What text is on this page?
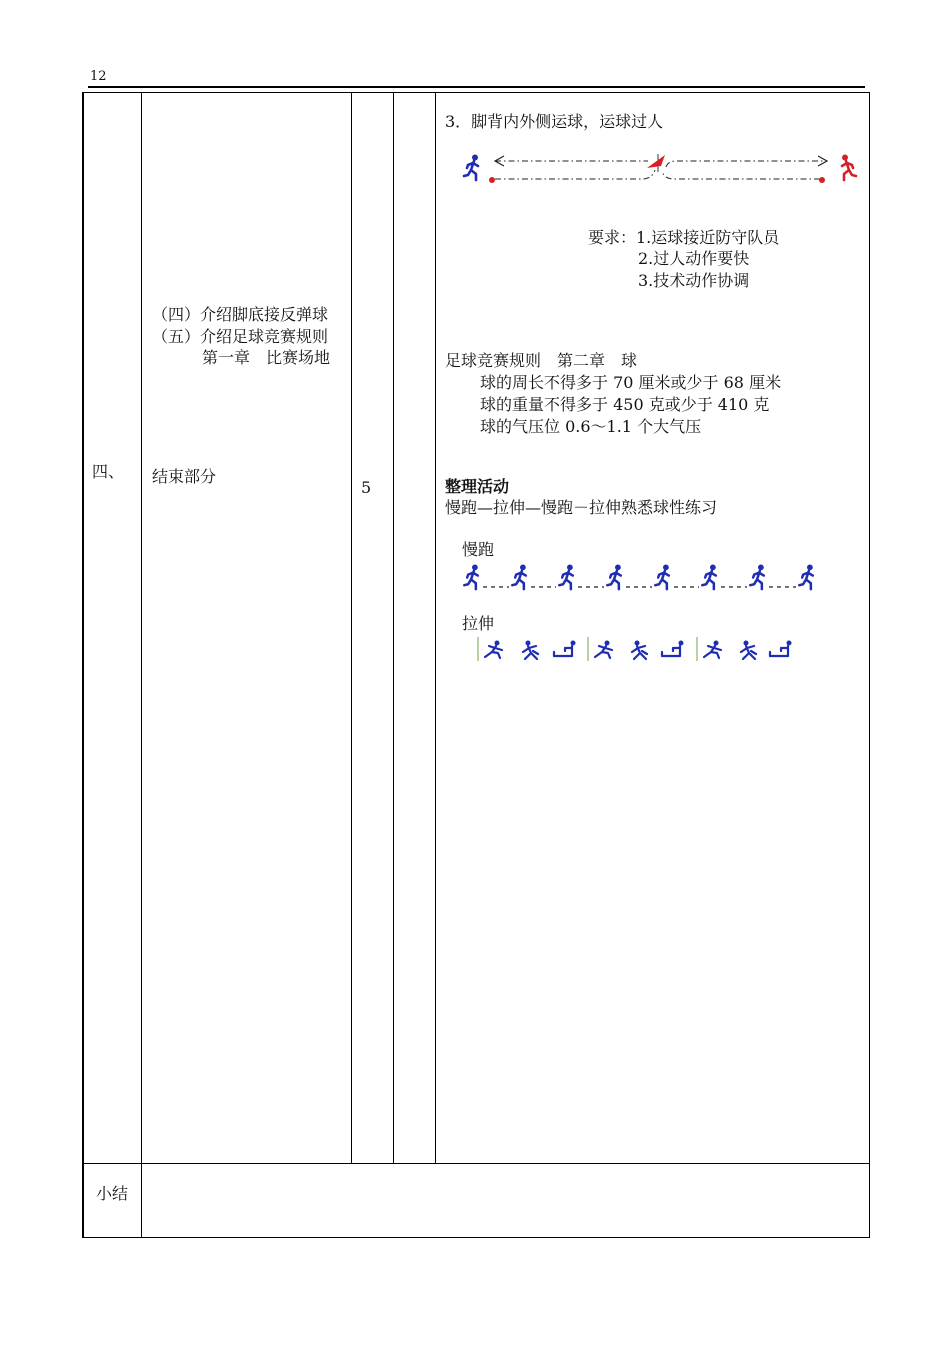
12
四、
（四）介绍脚底接反弹球
（五）介绍足球竞赛规则
第一章　比赛场地
结束部分
5
3．脚背内外侧运球，运球过人
要求：1.运球接近防守队员
2.过人动作要快
3.技术动作协调
足球竞赛规则　第二章　球
球的周长不得多于 70 厘米或少于 68 厘米
球的重量不得多于 450 克或少于 410 克
球的气压位 0.6～1.1 个大气压
整理活动
慢跑—拉伸—慢跑－拉伸熟悉球性练习
慢跑
拉伸
小结
